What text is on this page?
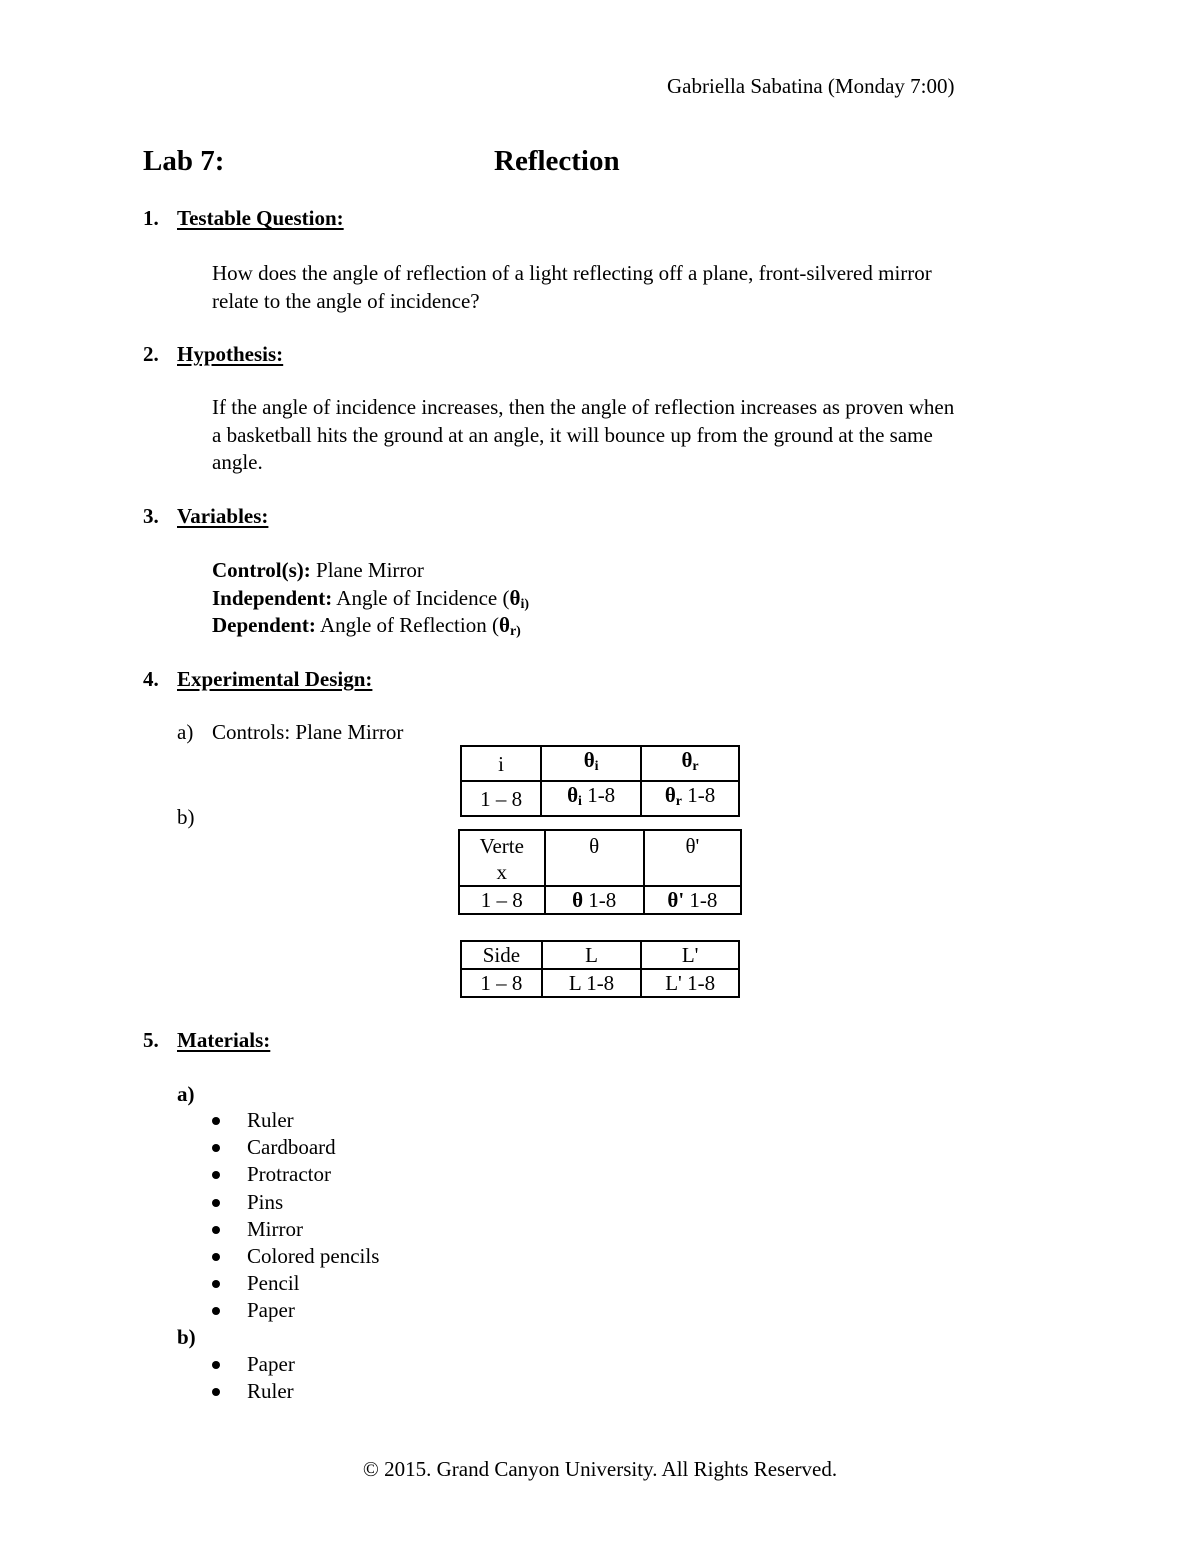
Gabriella Sabatina (Monday 7:00)
Lab 7:	Reflection
1. Testable Question:
How does the angle of reflection of a light reflecting off a plane, front-silvered mirror
relate to the angle of incidence?
2. Hypothesis:
If the angle of incidence increases, then the angle of reflection increases as proven when
a basketball hits the ground at an angle, it will bounce up from the ground at the same
angle.
3. Variables:
Control(s): Plane Mirror
Independent: Angle of Incidence ($\theta_{i)}$
Dependent: Angle of Reflection ($\theta_{r)}$
4. Experimental Design:
a) Controls: Plane Mirror
b)
i	$\theta_i$	$\theta_r$
1 – 8	$\theta_i$ 1-8	$\theta_r$ 1-8
Verte
x	θ	θ'
1 – 8	θ 1-8	θ' 1-8
Side	L	L'
1 – 8	L 1-8	L' 1-8
5. Materials:
a)
Ruler
Cardboard
Protractor
Pins
Mirror
Colored pencils
Pencil
Paper
b)
Paper
Ruler
© 2015. Grand Canyon University. All Rights Reserved.
